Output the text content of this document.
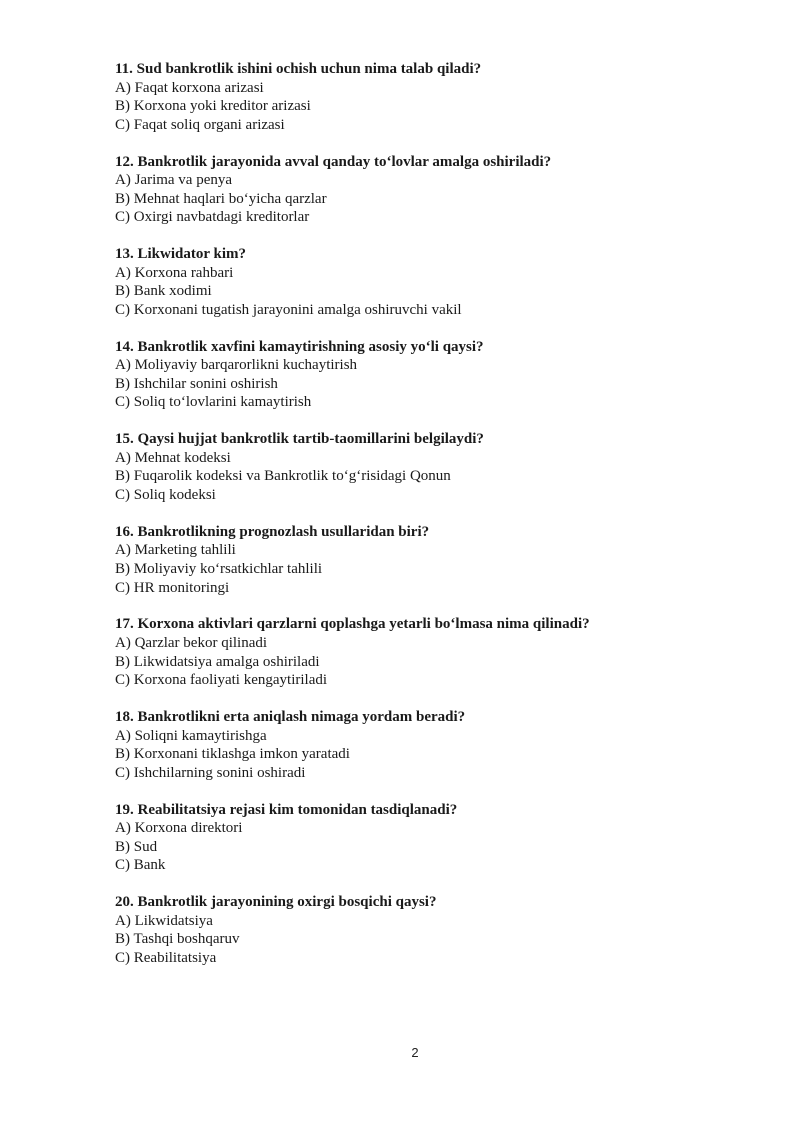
11. Sud bankrotlik ishini ochish uchun nima talab qiladi?
A) Faqat korxona arizasi
B) Korxona yoki kreditor arizasi
C) Faqat soliq organi arizasi
12. Bankrotlik jarayonida avval qanday to‘lovlar amalga oshiriladi?
A) Jarima va penya
B) Mehnat haqlari bo‘yicha qarzlar
C) Oxirgi navbatdagi kreditorlar
13. Likwidator kim?
A) Korxona rahbari
B) Bank xodimi
C) Korxonani tugatish jarayonini amalga oshiruvchi vakil
14. Bankrotlik xavfini kamaytirishning asosiy yo‘li qaysi?
A) Moliyaviy barqarorlikni kuchaytirish
B) Ishchilar sonini oshirish
C) Soliq to‘lovlarini kamaytirish
15. Qaysi hujjat bankrotlik tartib-taomillarini belgilaydi?
A) Mehnat kodeksi
B) Fuqarolik kodeksi va Bankrotlik to‘g‘risidagi Qonun
C) Soliq kodeksi
16. Bankrotlikning prognozlash usullaridan biri?
A) Marketing tahlili
B) Moliyaviy ko‘rsatkichlar tahlili
C) HR monitoringi
17. Korxona aktivlari qarzlarni qoplashga yetarli bo‘lmasa nima qilinadi?
A) Qarzlar bekor qilinadi
B) Likwidatsiya amalga oshiriladi
C) Korxona faoliyati kengaytiriladi
18. Bankrotlikni erta aniqlash nimaga yordam beradi?
A) Soliqni kamaytirishga
B) Korxonani tiklashga imkon yaratadi
C) Ishchilarning sonini oshiradi
19. Reabilitatsiya rejasi kim tomonidan tasdiqlanadi?
A) Korxona direktori
B) Sud
C) Bank
20. Bankrotlik jarayonining oxirgi bosqichi qaysi?
A) Likwidatsiya
B) Tashqi boshqaruv
C) Reabilitatsiya
2
